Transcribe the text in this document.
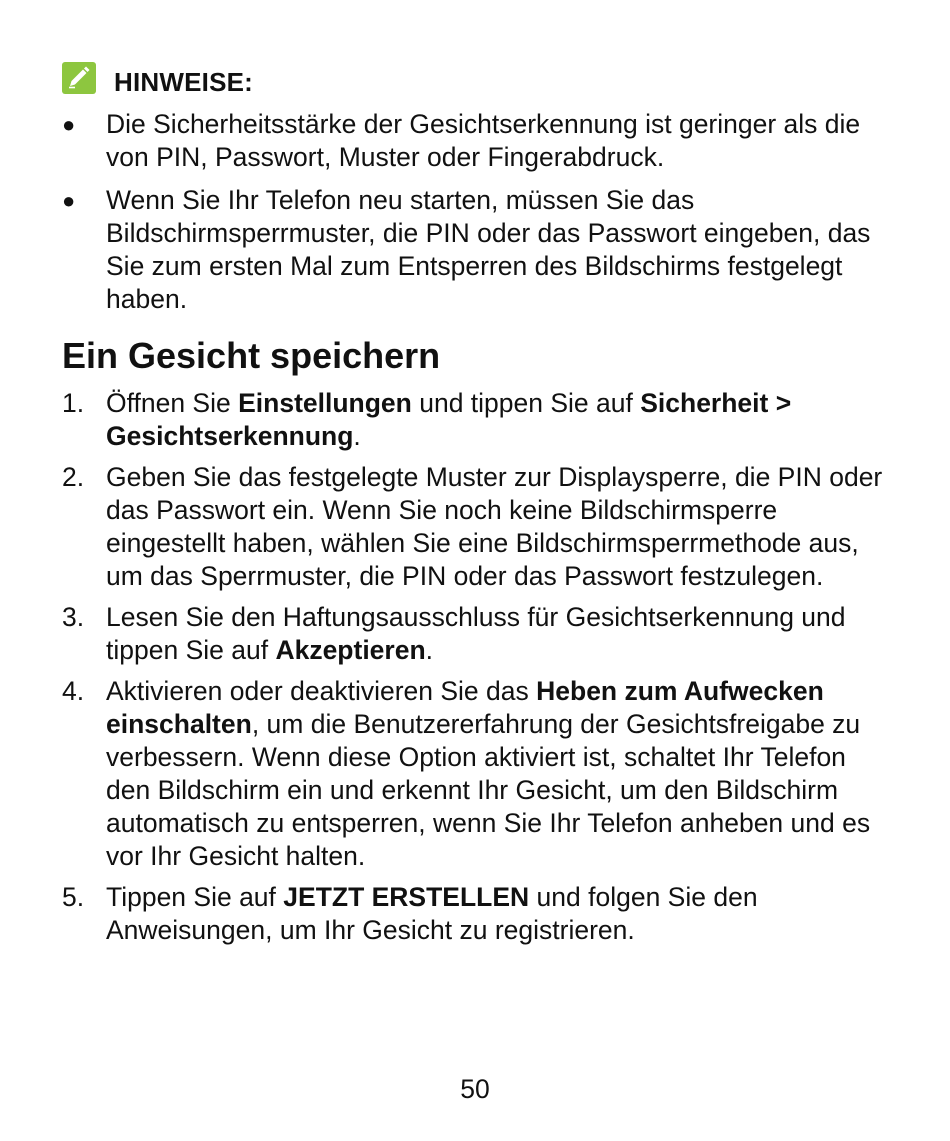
HINWEISE:
● Die Sicherheitsstärke der Gesichtserkennung ist geringer als die von PIN, Passwort, Muster oder Fingerabdruck.
● Wenn Sie Ihr Telefon neu starten, müssen Sie das Bildschirmsperrmuster, die PIN oder das Passwort eingeben, das Sie zum ersten Mal zum Entsperren des Bildschirms festgelegt haben.
Ein Gesicht speichern
1. Öffnen Sie Einstellungen und tippen Sie auf Sicherheit > Gesichtserkennung.
2. Geben Sie das festgelegte Muster zur Displaysperre, die PIN oder das Passwort ein. Wenn Sie noch keine Bildschirmsperre eingestellt haben, wählen Sie eine Bildschirmsperrmethode aus, um das Sperrmuster, die PIN oder das Passwort festzulegen.
3. Lesen Sie den Haftungsausschluss für Gesichtserkennung und tippen Sie auf Akzeptieren.
4. Aktivieren oder deaktivieren Sie das Heben zum Aufwecken einschalten, um die Benutzererfahrung der Gesichtsfreigabe zu verbessern. Wenn diese Option aktiviert ist, schaltet Ihr Telefon den Bildschirm ein und erkennt Ihr Gesicht, um den Bildschirm automatisch zu entsperren, wenn Sie Ihr Telefon anheben und es vor Ihr Gesicht halten.
5. Tippen Sie auf JETZT ERSTELLEN und folgen Sie den Anweisungen, um Ihr Gesicht zu registrieren.
50
